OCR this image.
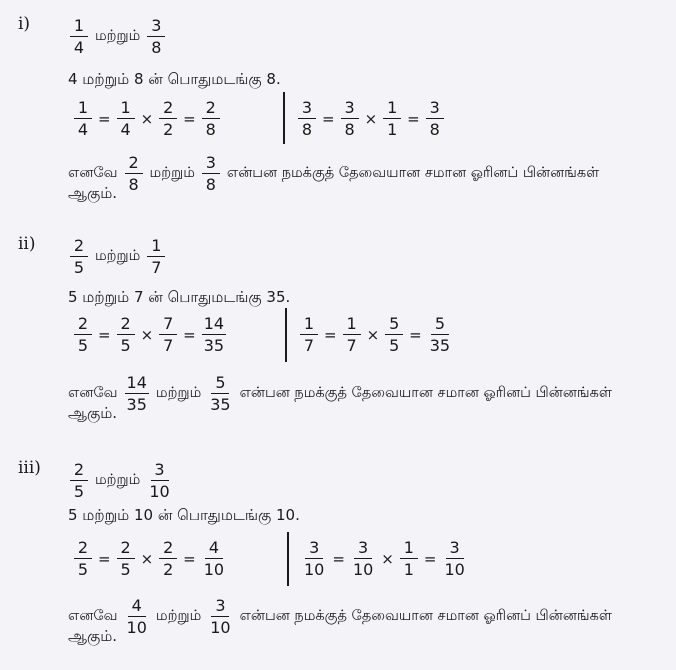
$i) \frac{1}{4}$ மற்றும் $\frac{3}{8}$
4 மற்றும் 8 ன் பொதுமடங்கு 8.
$\frac{1}{4} = \frac{1}{4} \times \frac{2}{2} = \frac{2}{8}$	$\frac{3}{8} = \frac{3}{8} \times \frac{1}{1} = \frac{3}{8}$
எனவே $\frac{2}{8}$ மற்றும் $\frac{3}{8}$ என்பன நமக்குத் தேவையான சமான ஓரினப் பின்னங்கள்
ஆகும்.
$ii) \frac{2}{5}$ மற்றும் $\frac{1}{7}$
5 மற்றும் 7 ன் பொதுமடங்கு 35.
$\frac{2}{5} = \frac{2}{5} \times \frac{7}{7} = \frac{14}{35}$	$\frac{1}{7} = \frac{1}{7} \times \frac{5}{5} = \frac{5}{35}$
எனவே $\frac{14}{35}$ மற்றும் $\frac{5}{35}$ என்பன நமக்குத் தேவையான சமான ஓரினப் பின்னங்கள்
ஆகும்.
$iii) \frac{2}{5}$ மற்றும் $\frac{3}{10}$
5 மற்றும் 10 ன் பொதுமடங்கு 10.
$\frac{2}{5} = \frac{2}{5} \times \frac{2}{2} = \frac{4}{10}$	$\frac{3}{10} = \frac{3}{10} \times \frac{1}{1} = \frac{3}{10}$
எனவே $\frac{4}{10}$ மற்றும் $\frac{3}{10}$ என்பன நமக்குத் தேவையான சமான ஓரினப் பின்னங்கள்
ஆகும்.
